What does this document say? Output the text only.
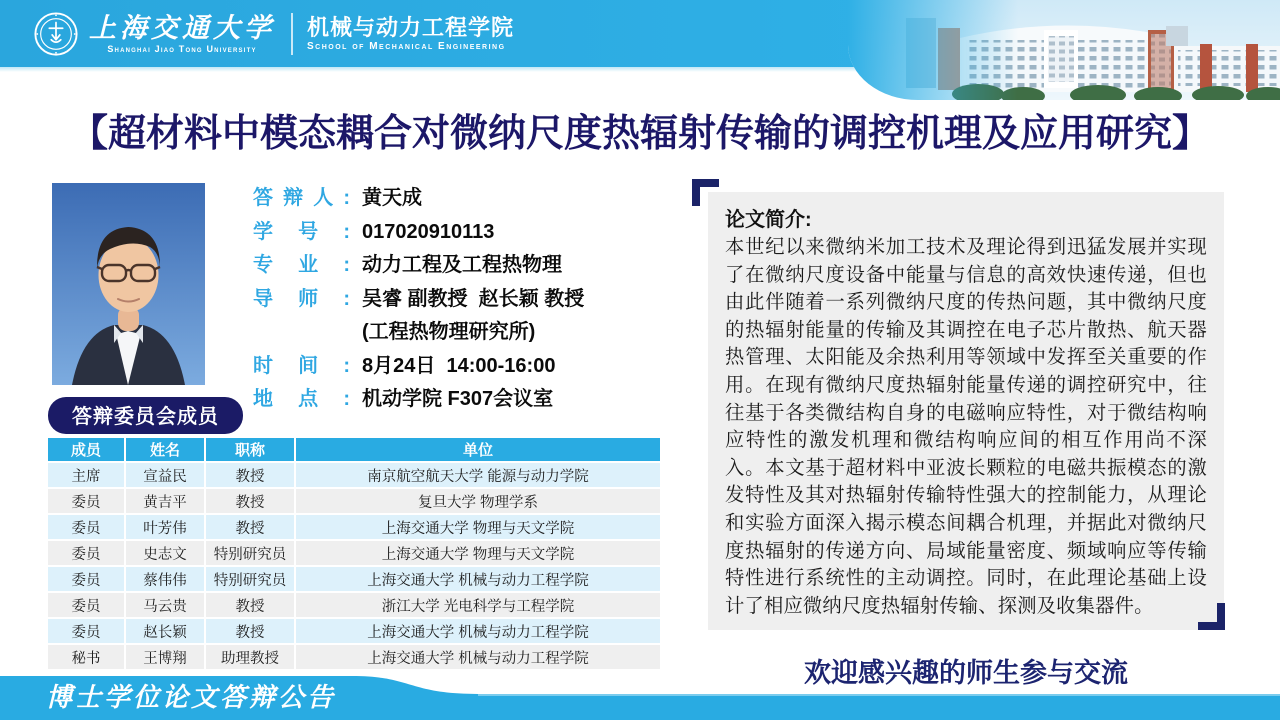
上海交通大学
Shanghai Jiao Tong University
机械与动力工程学院
School of Mechanical Engineering
【超材料中模态耦合对微纳尺度热辐射传输的调控机理及应用研究】
答辩人: 黄天成
学号: 017020910113
专业: 动力工程及工程热物理
导师: 吴睿 副教授  赵长颖 教授
(工程热物理研究所)
时间: 8月24日  14:00-16:00
地点: 机动学院 F307会议室
答辩委员会成员
成员	姓名	职称	单位
主席	宣益民	教授	南京航空航天大学 能源与动力学院
委员	黄吉平	教授	复旦大学 物理学系
委员	叶芳伟	教授	上海交通大学 物理与天文学院
委员	史志文	特别研究员	上海交通大学 物理与天文学院
委员	蔡伟伟	特别研究员	上海交通大学 机械与动力工程学院
委员	马云贵	教授	浙江大学 光电科学与工程学院
委员	赵长颖	教授	上海交通大学 机械与动力工程学院
秘书	王博翔	助理教授	上海交通大学 机械与动力工程学院
论文简介:
本世纪以来微纳米加工技术及理论得到迅猛发展并实现了在微纳尺度设备中能量与信息的高效快速传递，但也由此伴随着一系列微纳尺度的传热问题，其中微纳尺度的热辐射能量的传输及其调控在电子芯片散热、航天器热管理、太阳能及余热利用等领域中发挥至关重要的作用。在现有微纳尺度热辐射能量传递的调控研究中，往往基于各类微结构自身的电磁响应特性，对于微结构响应特性的激发机理和微结构响应间的相互作用尚不深入。本文基于超材料中亚波长颗粒的电磁共振模态的激发特性及其对热辐射传输特性强大的控制能力，从理论和实验方面深入揭示模态间耦合机理，并据此对微纳尺度热辐射的传递方向、局域能量密度、频域响应等传输特性进行系统性的主动调控。同时，在此理论基础上设计了相应微纳尺度热辐射传输、探测及收集器件。
欢迎感兴趣的师生参与交流
博士学位论文答辩公告
